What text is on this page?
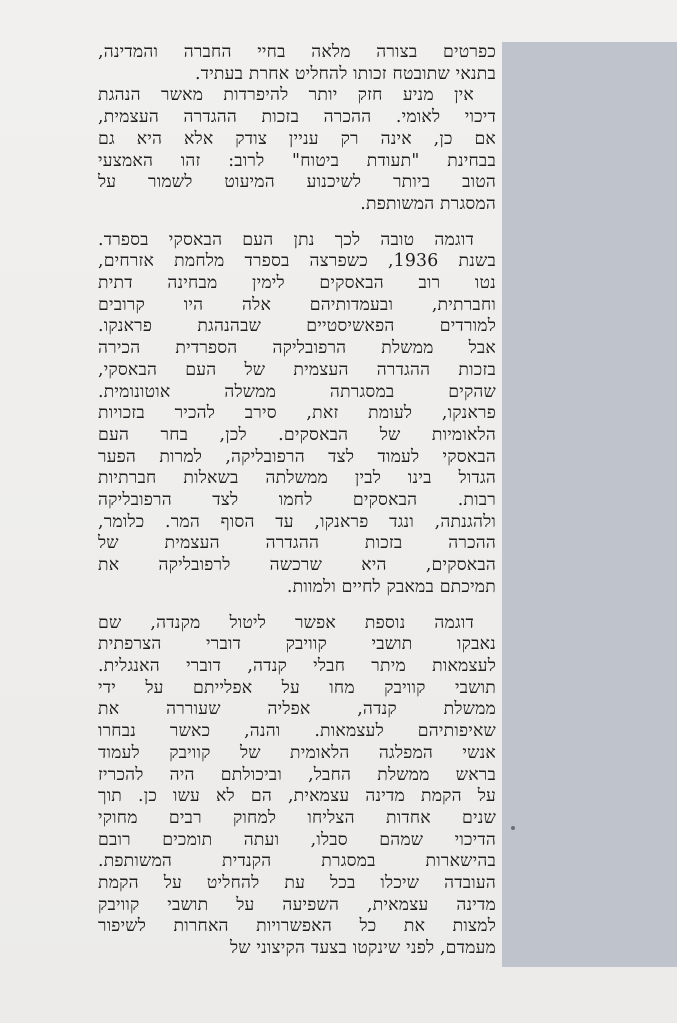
כפרטים בצורה מלאה בחיי החברה והמדינה,
בתנאי שתובטח זכותו להחליט אחרת בעתיד.
אין מניע חזק יותר להיפרדות מאשר הנהגת
דיכוי לאומי. ההכרה בזכות ההגדרה העצמית,
אם כן, אינה רק עניין צודק אלא היא גם
בבחינת "תעודת ביטוח" לרוב: זהו האמצעי
הטוב ביותר לשיכנוע המיעוט לשמור על
המסגרת המשותפת.
דוגמה טובה לכך נתן העם הבאסקי בספרד.
בשנת 1936, כשפרצה בספרד מלחמת אזרחים,
נטו רוב הבאסקים לימין מבחינה דתית
וחברתית, ובעמדותיהם אלה היו קרובים
למורדים הפאשיסטיים שבהנהגת פראנקו.
אבל ממשלת הרפובליקה הספרדית הכירה
בזכות ההגדרה העצמית של העם הבאסקי,
שהקים במסגרתה ממשלה אוטונומית.
פראנקו, לעומת זאת, סירב להכיר בזכויות
הלאומיות של הבאסקים. לכן, בחר העם
הבאסקי לעמוד לצד הרפובליקה, למרות הפער
הגדול בינו לבין ממשלתה בשאלות חברתיות
רבות. הבאסקים לחמו לצד הרפובליקה
ולהגנתה, ונגד פראנקו, עד הסוף המר. כלומר,
ההכרה בזכות ההגדרה העצמית של
הבאסקים, היא שרכשה לרפובליקה את
תמיכתם במאבק לחיים ולמוות.
דוגמה נוספת אפשר ליטול מקנדה, שם
נאבקו תושבי קוויבק דוברי הצרפתית
לעצמאות מיתר חבלי קנדה, דוברי האנגלית.
תושבי קוויבק מחו על אפלייתם על ידי
ממשלת קנדה, אפליה שעוררה את
שאיפותיהם לעצמאות. והנה, כאשר נבחרו
אנשי המפלגה הלאומית של קוויבק לעמוד
בראש ממשלת החבל, וביכולתם היה להכריז
על הקמת מדינה עצמאית, הם לא עשו כן. תוך
שנים אחדות הצליחו למחוק רבים מחוקי
הדיכוי שמהם סבלו, ועתה תומכים רובם
בהישארות במסגרת הקנדית המשותפת.
העובדה שיכלו בכל עת להחליט על הקמת
מדינה עצמאית, השפיעה על תושבי קוויבק
למצות את כל האפשרויות האחרות לשיפור
מעמדם, לפני שינקטו בצעד הקיצוני של
